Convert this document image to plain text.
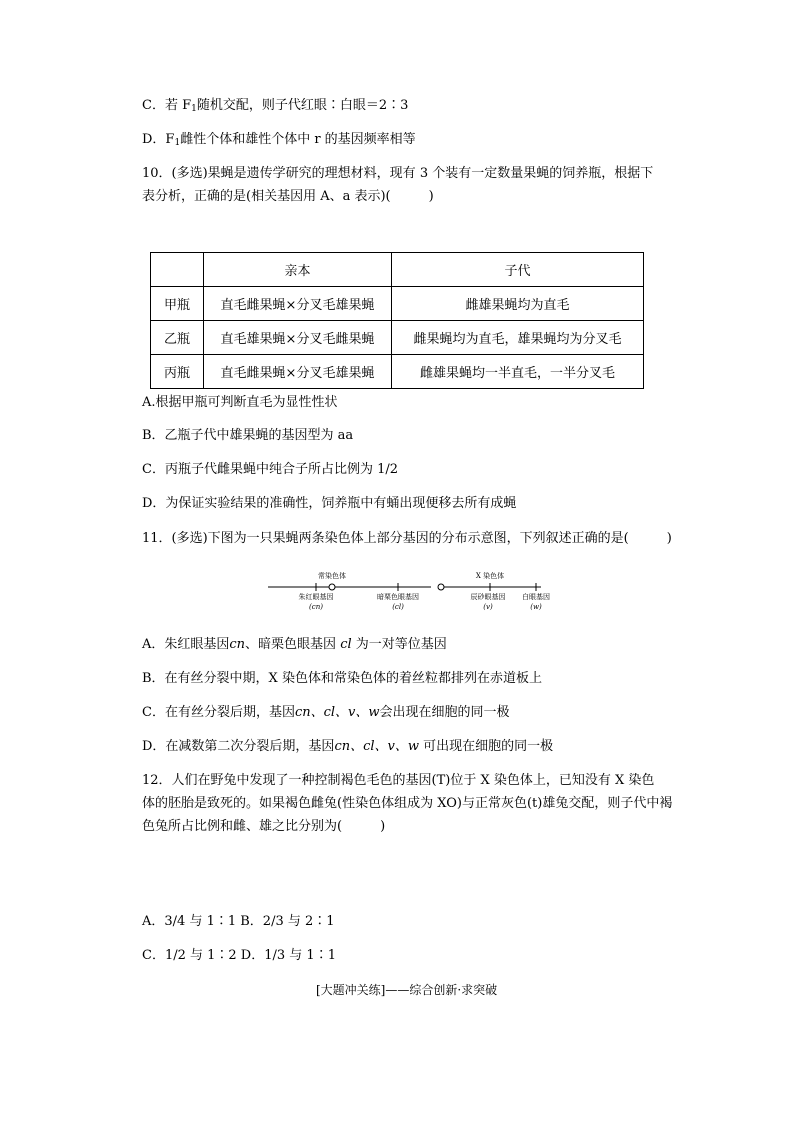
C．若 $F_1$随机交配，则子代红眼∶白眼＝2∶3
D．$F_1$雌性个体和雄性个体中 r 的基因频率相等
10．(多选)果蝇是遗传学研究的理想材料，现有 3 个装有一定数量果蝇的饲养瓶，根据下
表分析，正确的是(相关基因用 A、a 表示)(	)
	亲本	子代
甲瓶	直毛雌果蝇×分叉毛雄果蝇	雌雄果蝇均为直毛
乙瓶	直毛雄果蝇×分叉毛雌果蝇	雌果蝇均为直毛，雄果蝇均为分叉毛
丙瓶	直毛雌果蝇×分叉毛雄果蝇	雌雄果蝇均一半直毛，一半分叉毛
A.根据甲瓶可判断直毛为显性性状
B．乙瓶子代中雄果蝇的基因型为 aa
C．丙瓶子代雌果蝇中纯合子所占比例为 1/2
D．为保证实验结果的准确性，饲养瓶中有蛹出现便移去所有成蝇
11．(多选)下图为一只果蝇两条染色体上部分基因的分布示意图，下列叙述正确的是(	)
常染色体	X 染色体
朱红眼基因
(cn)
暗栗色眼基因
(cl)
辰砂眼基因
(v)
白眼基因
(w)
A．朱红眼基因cn、暗栗色眼基因 cl 为一对等位基因
B．在有丝分裂中期，X 染色体和常染色体的着丝粒都排列在赤道板上
C．在有丝分裂后期，基因cn、cl、v、w会出现在细胞的同一极
D．在减数第二次分裂后期，基因cn、cl、v、w 可出现在细胞的同一极
12．人们在野兔中发现了一种控制褐色毛色的基因(T)位于 X 染色体上，已知没有 X 染色
体的胚胎是致死的。如果褐色雌兔(性染色体组成为 XO)与正常灰色(t)雄兔交配，则子代中褐
色兔所占比例和雌、雄之比分别为(	)
A．3/4 与 1∶1 B．2/3 与 2∶1
C．1/2 与 1∶2 D．1/3 与 1∶1
[大题冲关练]——综合创新·求突破
